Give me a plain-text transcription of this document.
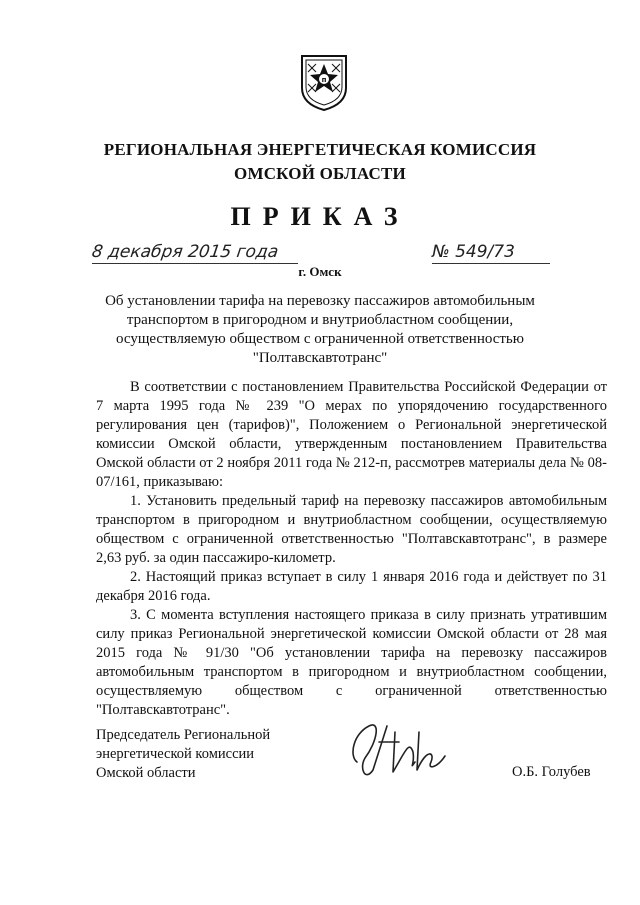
п
РЕГИОНАЛЬНАЯ ЭНЕРГЕТИЧЕСКАЯ КОМИССИЯ
ОМСКОЙ ОБЛАСТИ
ПРИКАЗ
8 декабря 2015 года	№ 549/73
г. Омск
Об установлении тарифа на перевозку пассажиров автомобильным
транспортом в пригородном и внутриобластном сообщении,
осуществляемую обществом с ограниченной ответственностью
"Полтавскавтотранс"

В соответствии с постановлением Правительства Российской Федерации от 7 марта 1995 года № 239 "О мерах по упорядочению государственного регулирования цен (тарифов)", Положением о Региональной энергетической комиссии Омской области, утвержденным постановлением Правительства Омской области от 2 ноября 2011 года № 212-п, рассмотрев материалы дела № 08-07/161, приказываю:

1. Установить предельный тариф на перевозку пассажиров автомобильным транспортом в пригородном и внутриобластном сообщении, осуществляемую обществом с ограниченной ответственностью "Полтавскавтотранс", в размере 2,63 руб. за один пассажиро-километр.

2. Настоящий приказ вступает в силу 1 января 2016 года и действует по 31 декабря 2016 года.

3. С момента вступления настоящего приказа в силу признать утратившим силу приказ Региональной энергетической комиссии Омской области от 28 мая 2015 года № 91/30 "Об установлении тарифа на перевозку пассажиров автомобильным транспортом в пригородном и внутриобластном сообщении, осуществляемую обществом с ограниченной ответственностью "Полтавскавтотранс".

Председатель Региональной
энергетической комиссии
Омской области	О.Б. Голубев
